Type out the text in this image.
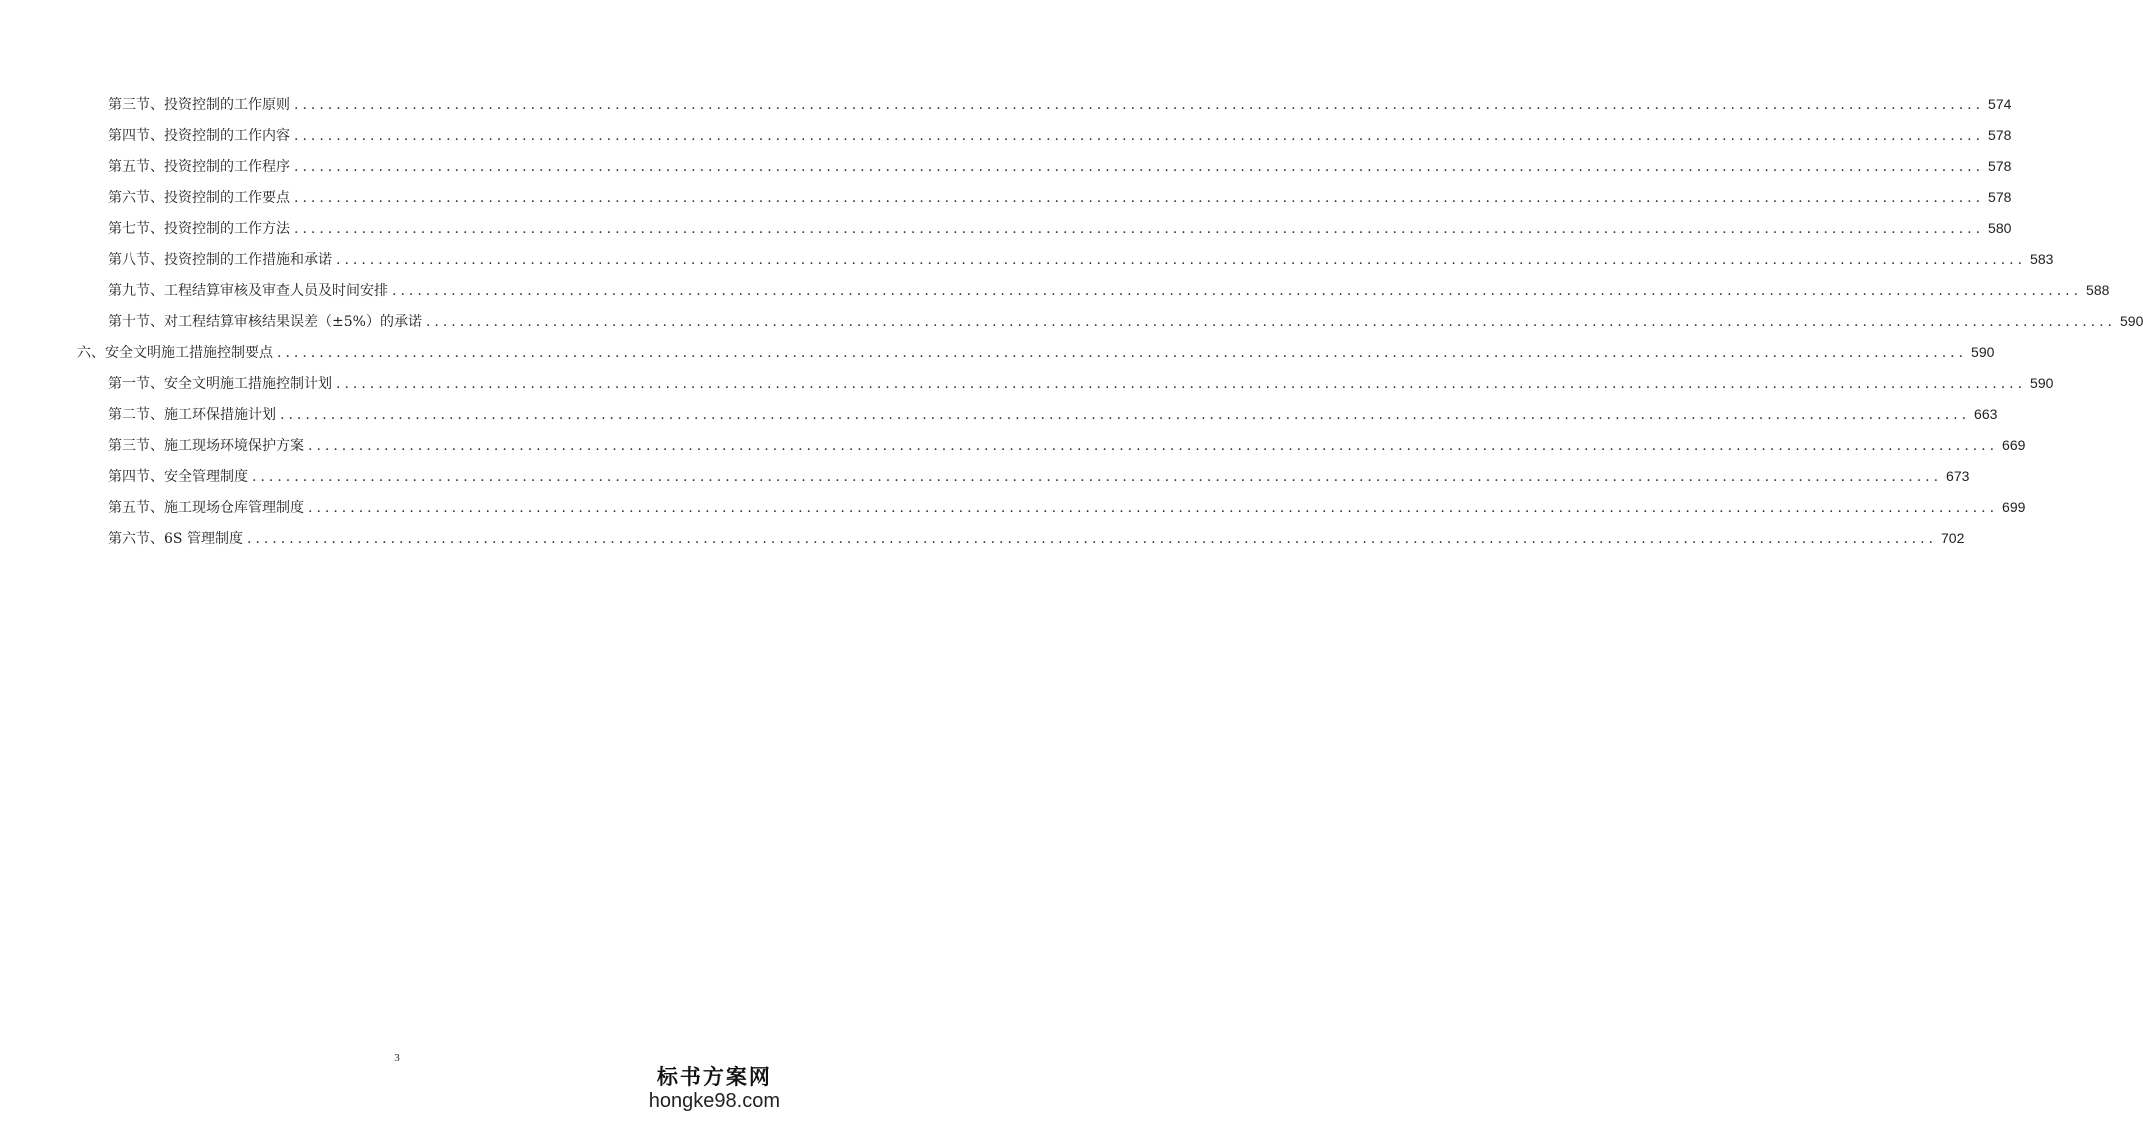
第三节、投资控制的工作原则 ........................................................................................................................................................................................................ 574
第四节、投资控制的工作内容 ........................................................................................................................................................................................................ 578
第五节、投资控制的工作程序 ........................................................................................................................................................................................................ 578
第六节、投资控制的工作要点 ........................................................................................................................................................................................................ 578
第七节、投资控制的工作方法 ........................................................................................................................................................................................................ 580
第八节、投资控制的工作措施和承诺 ........................................................................................................................................................................................................ 583
第九节、工程结算审核及审查人员及时间安排 ........................................................................................................................................................................................................ 588
第十节、对工程结算审核结果误差（±5%）的承诺 ........................................................................................................................................................................................................ 590
六、安全文明施工措施控制要点 ........................................................................................................................................................................................................ 590
第一节、安全文明施工措施控制计划 ........................................................................................................................................................................................................ 590
第二节、施工环保措施计划 ........................................................................................................................................................................................................ 663
第三节、施工现场环境保护方案 ........................................................................................................................................................................................................ 669
第四节、安全管理制度 ........................................................................................................................................................................................................ 673
第五节、施工现场仓库管理制度 ........................................................................................................................................................................................................ 699
第六节、6S 管理制度 ........................................................................................................................................................................................................ 702
3
标书方案网
hongke98.com
